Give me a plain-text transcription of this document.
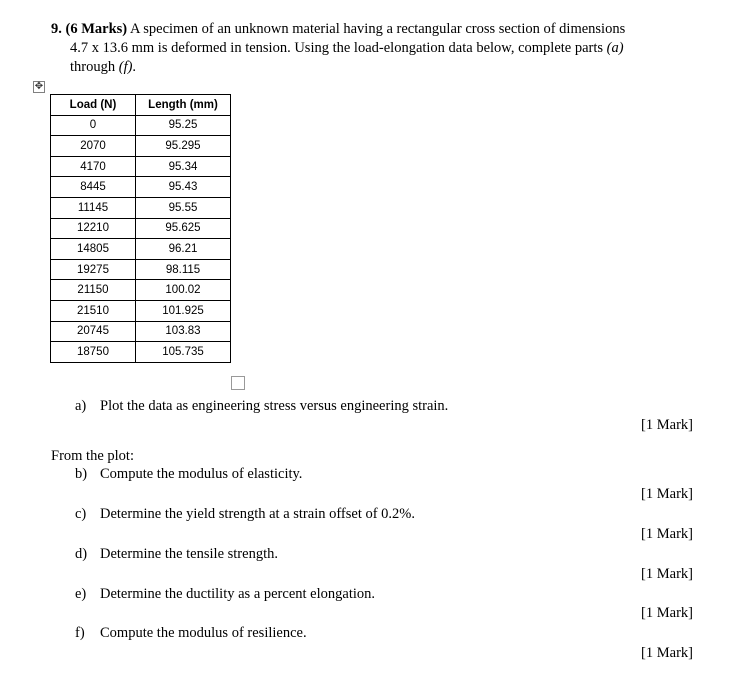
9. (6 Marks) A specimen of an unknown material having a rectangular cross section of dimensions
4.7 x 13.6 mm is deformed in tension. Using the load-elongation data below, complete parts (a)
through (f).
✥
Load (N)	Length (mm)
0	95.25
2070	95.295
4170	95.34
8445	95.43
11145	95.55
12210	95.625
14805	96.21
19275	98.115
21150	100.02
21510	101.925
20745	103.83
18750	105.735
a) Plot the data as engineering stress versus engineering strain.
[1 Mark]
From the plot:
b) Compute the modulus of elasticity.
[1 Mark]
c) Determine the yield strength at a strain offset of 0.2%.
[1 Mark]
d) Determine the tensile strength.
[1 Mark]
e) Determine the ductility as a percent elongation.
[1 Mark]
f) Compute the modulus of resilience.
[1 Mark]
